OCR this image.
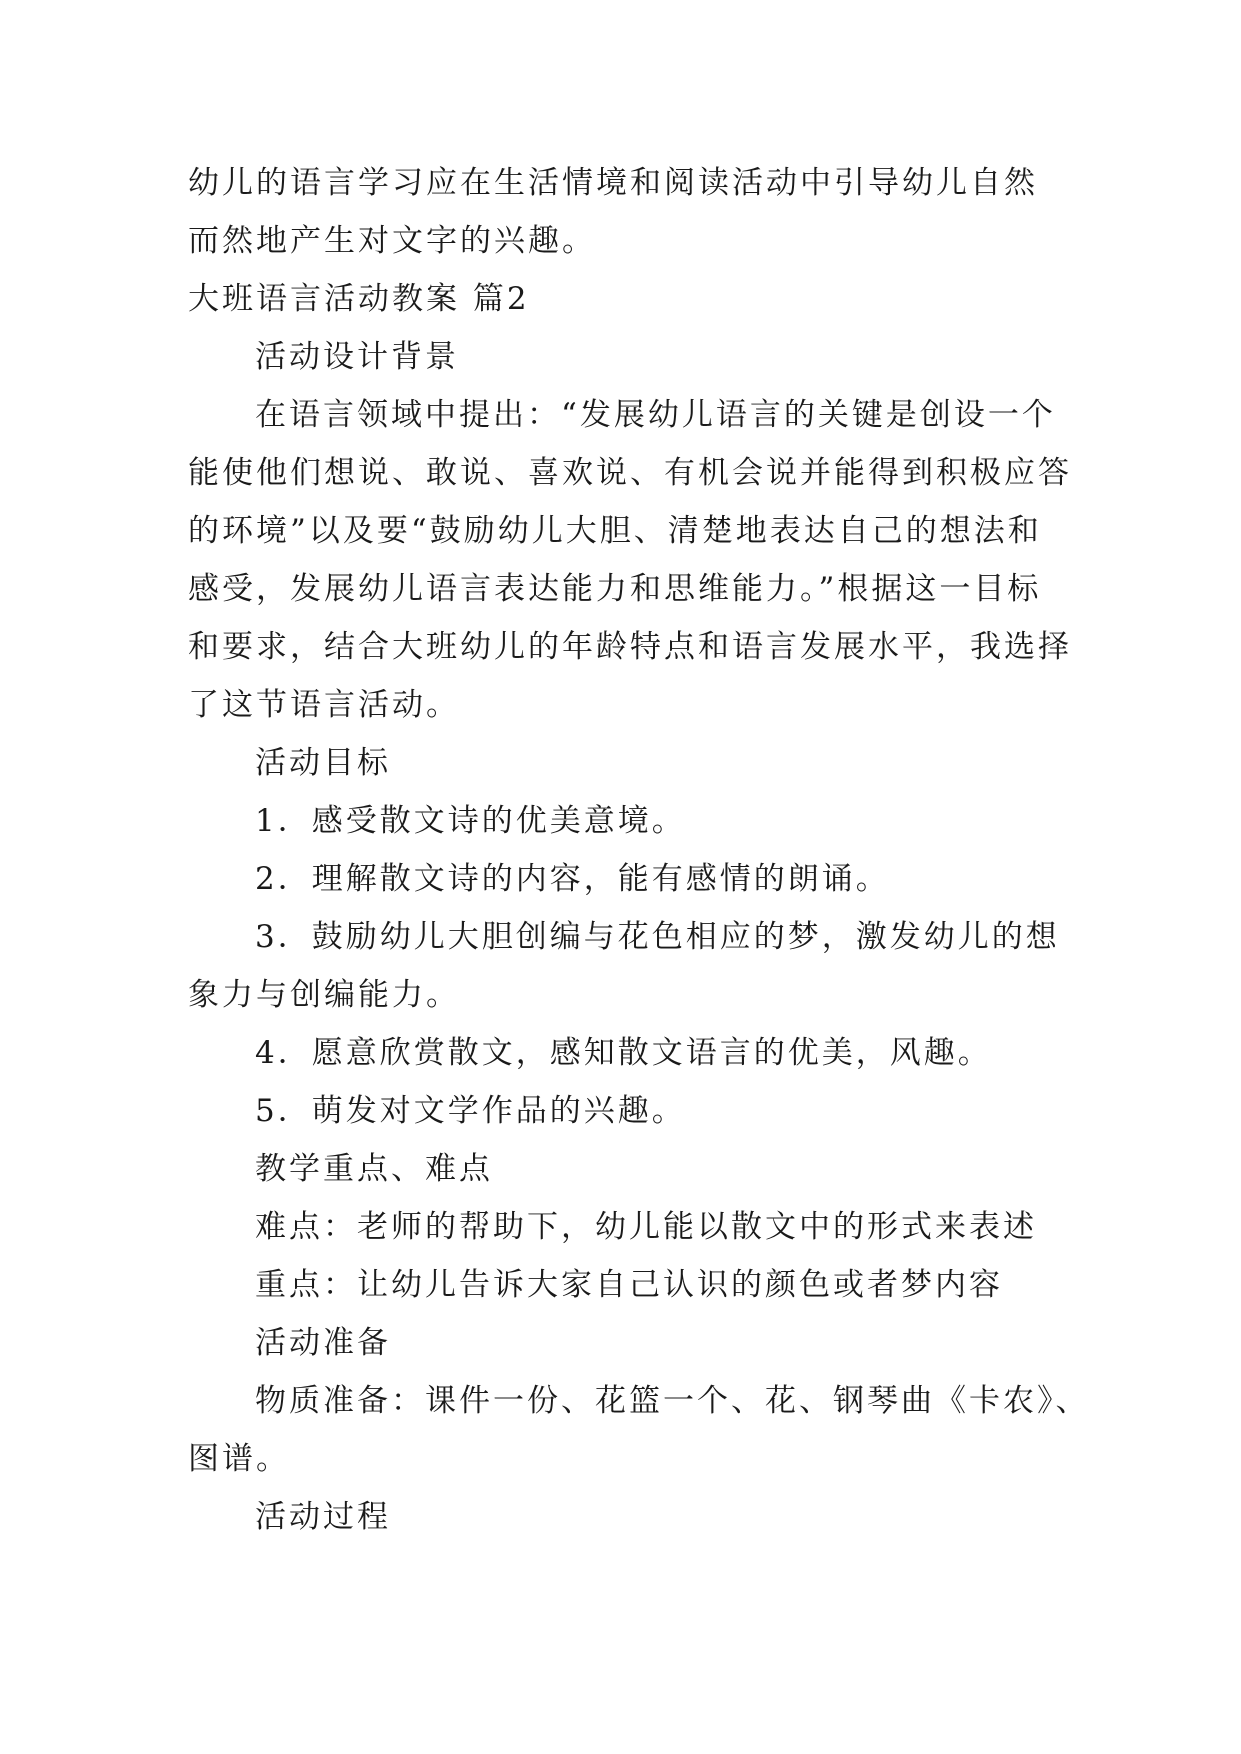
幼儿的语言学习应在生活情境和阅读活动中引导幼儿自然
而然地产生对文字的兴趣。
大班语言活动教案 篇2
活动设计背景
在语言领域中提出：“发展幼儿语言的关键是创设一个
能使他们想说、敢说、喜欢说、有机会说并能得到积极应答
的环境”以及要“鼓励幼儿大胆、清楚地表达自己的想法和
感受，发展幼儿语言表达能力和思维能力。”根据这一目标
和要求，结合大班幼儿的年龄特点和语言发展水平，我选择
了这节语言活动。
活动目标
1．感受散文诗的优美意境。
2．理解散文诗的内容，能有感情的朗诵。
3．鼓励幼儿大胆创编与花色相应的梦，激发幼儿的想
象力与创编能力。
4．愿意欣赏散文，感知散文语言的优美，风趣。
5．萌发对文学作品的兴趣。
教学重点、难点
难点：老师的帮助下，幼儿能以散文中的形式来表述
重点：让幼儿告诉大家自己认识的颜色或者梦内容
活动准备
物质准备：课件一份、花篮一个、花、钢琴曲《卡农》、
图谱。
活动过程
